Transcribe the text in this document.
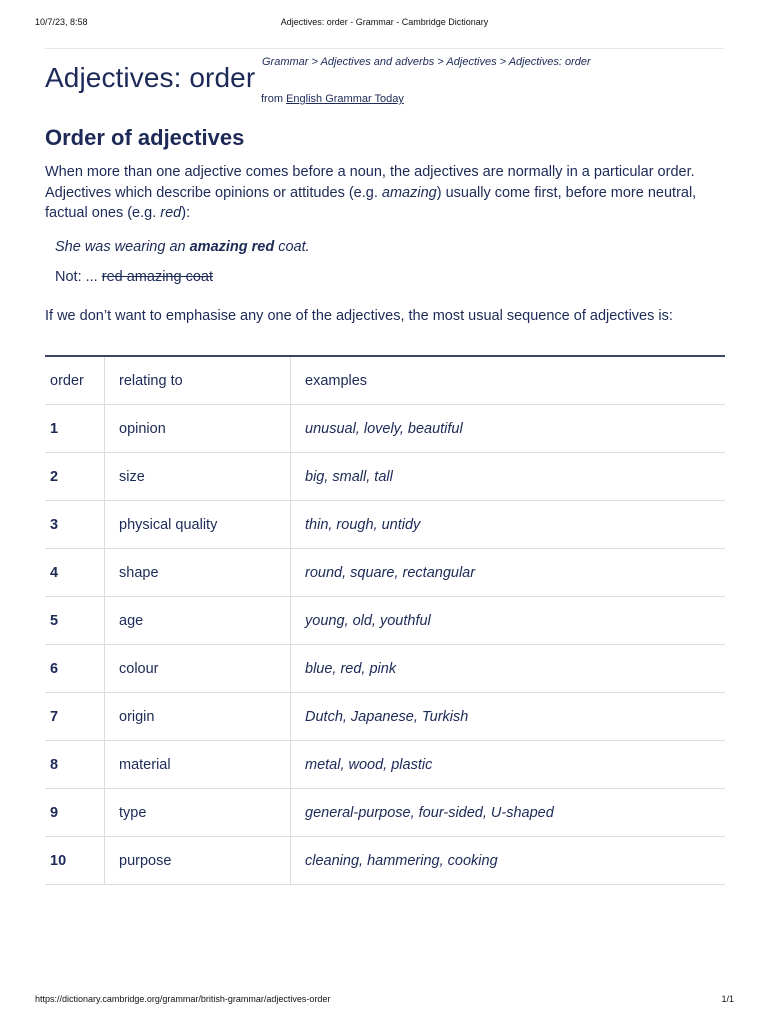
10/7/23, 8:58	Adjectives: order - Grammar - Cambridge Dictionary
Grammar > Adjectives and adverbs > Adjectives > Adjectives: order
Adjectives: order
from English Grammar Today
Order of adjectives

When more than one adjective comes before a noun, the adjectives are normally in a particular order. Adjectives which describe opinions or attitudes (e.g. amazing) usually come first, before more neutral, factual ones (e.g. red):

She was wearing an amazing red coat.
Not: ... red amazing coat
If we don’t want to emphasise any one of the adjectives, the most usual sequence of adjectives is:
order	relating to	examples
1	opinion	unusual, lovely, beautiful
2	size	big, small, tall
3	physical quality	thin, rough, untidy
4	shape	round, square, rectangular
5	age	young, old, youthful
6	colour	blue, red, pink
7	origin	Dutch, Japanese, Turkish
8	material	metal, wood, plastic
9	type	general-purpose, four-sided, U-shaped
10	purpose	cleaning, hammering, cooking
https://dictionary.cambridge.org/grammar/british-grammar/adjectives-order	1/1
